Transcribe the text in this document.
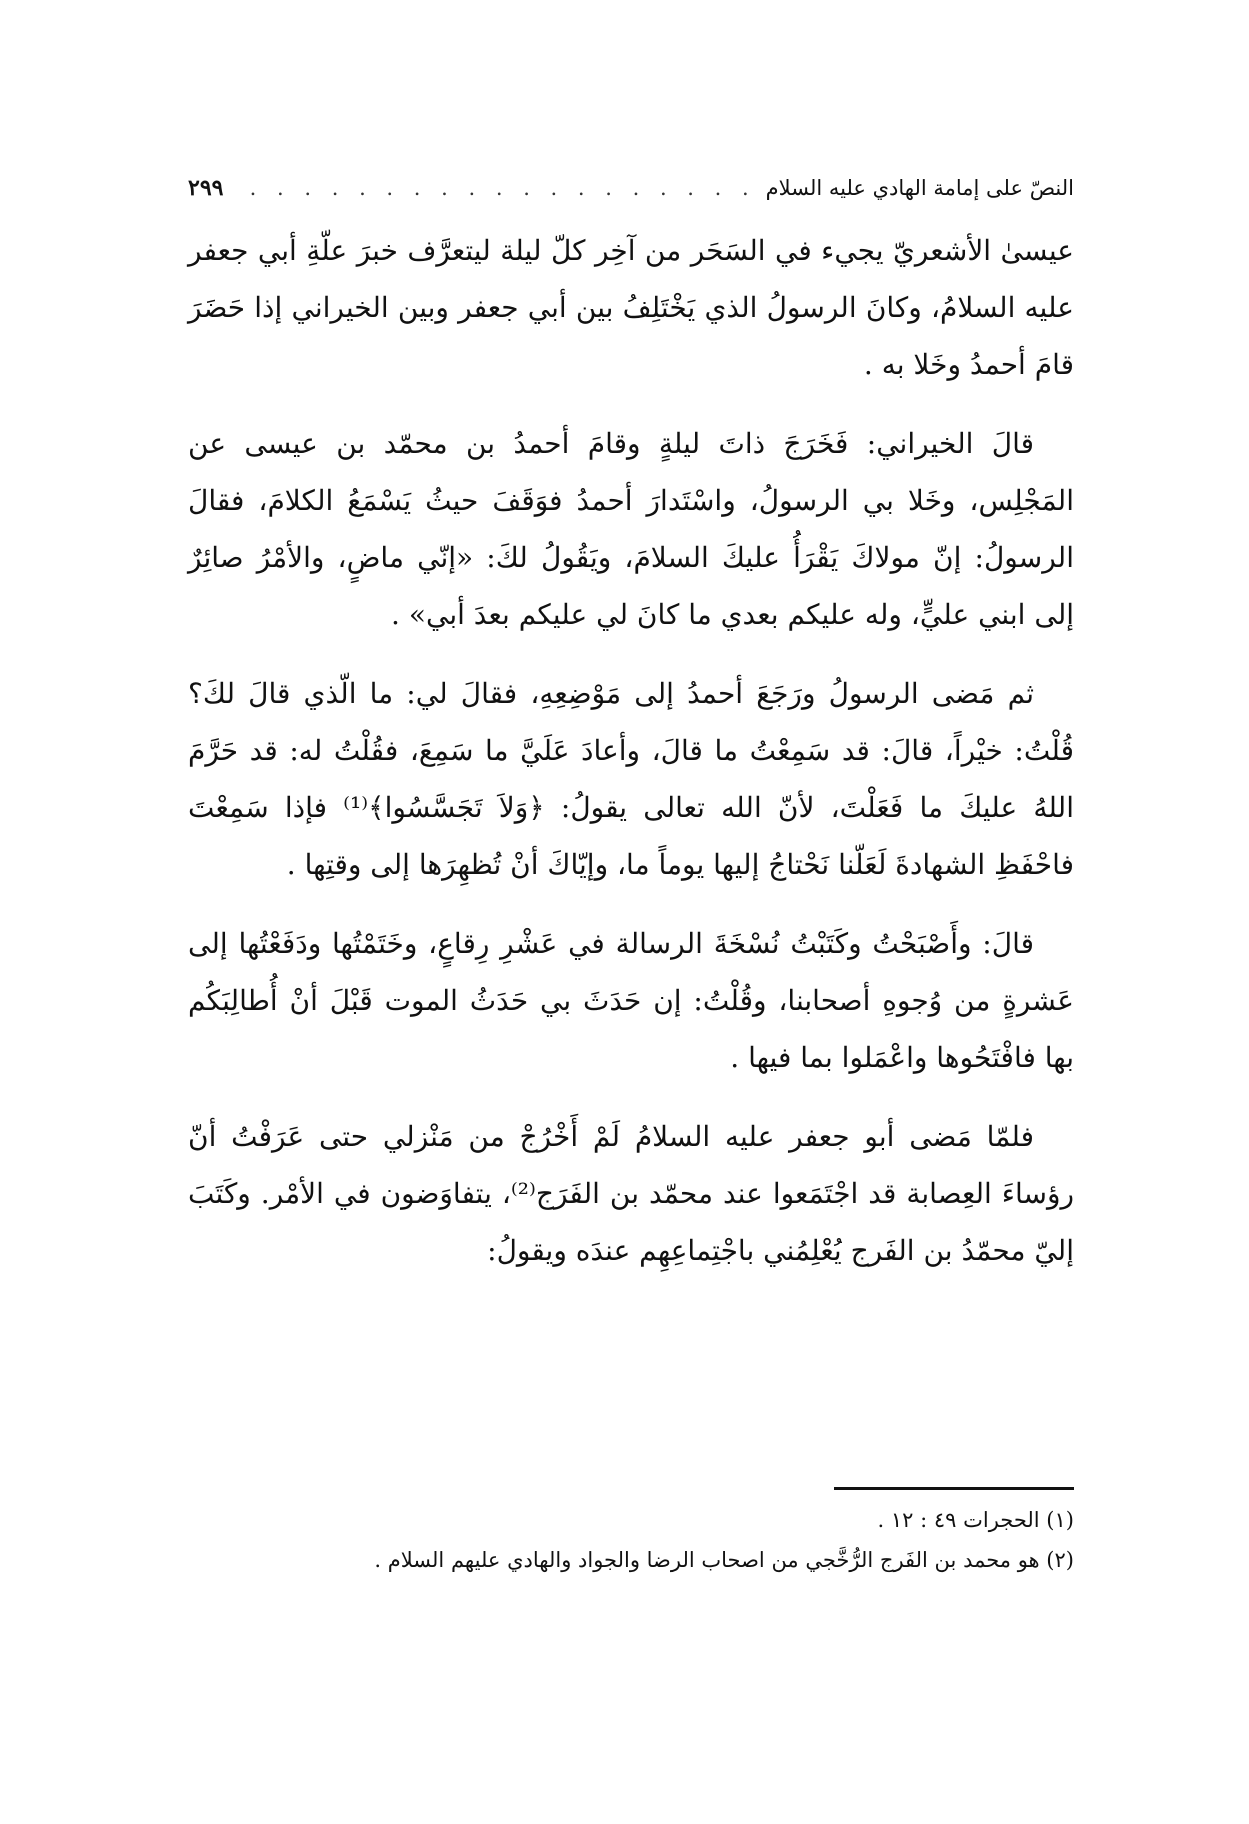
النصّ على إمامة الهادي عليه السلام
. . .
٢٩٩

عيسىٰ الأشعريّ يجيء في السَحَر من آخِر كلّ ليلة ليتعرَّف خبرَ علّةِ أبي جعفر عليه السلامُ، وكانَ الرسولُ الذي يَخْتَلِفُ بين أبي جعفر وبين الخيراني إذا حَضَرَ قامَ أحمدُ وخَلا به .

قالَ الخيراني: فَخَرَجَ ذاتَ ليلةٍ وقامَ أحمدُ بن محمّد بن عيسى عن المَجْلِس، وخَلا بي الرسولُ، واسْتَدارَ أحمدُ فوَقَفَ حيثُ يَسْمَعُ الكلامَ، فقالَ الرسولُ: إنّ مولاكَ يَقْرَأُ عليكَ السلامَ، ويَقُولُ لكَ: «إنّي ماضٍ، والأمْرُ صائِرٌ إلى ابني عليٍّ، وله عليكم بعدي ما كانَ لي عليكم بعدَ أبي» .

ثم مَضى الرسولُ ورَجَعَ أحمدُ إلى مَوْضِعِهِ، فقالَ لي: ما الّذي قالَ لكَ؟ قُلْتُ: خيْراً، قالَ: قد سَمِعْتُ ما قالَ، وأعادَ عَلَيَّ ما سَمِعَ، فقُلْتُ له: قد حَرَّمَ اللهُ عليكَ ما فَعَلْتَ، لأنّ الله تعالى يقولُ: ﴿وَلاَ تَجَسَّسُوا﴾⁽¹⁾ فإذا سَمِعْتَ فاحْفَظِ الشهادةَ لَعَلّنا نَحْتاجُ إليها يوماً ما، وإيّاكَ أنْ تُظهِرَها إلى وقتِها .

قالَ: وأَصْبَحْتُ وكَتَبْتُ نُسْخَةَ الرسالة في عَشْرِ رِقاعٍ، وخَتَمْتُها ودَفَعْتُها إلى عَشرةٍ من وُجوهِ أصحابنا، وقُلْتُ: إن حَدَثَ بي حَدَثُ الموت قَبْلَ أنْ أُطالِبَكُم بها فافْتَحُوها واعْمَلوا بما فيها .

فلمّا مَضى أبو جعفر عليه السلامُ لَمْ أَخْرُجْ من مَنْزلي حتى عَرَفْتُ أنّ رؤساءَ العِصابة قد اجْتَمَعوا عند محمّد بن الفَرَج⁽²⁾، يتفاوَضون في الأمْر. وكَتَبَ إليّ محمّدُ بن الفَرج يُعْلِمُني باجْتِماعِهِم عندَه ويقولُ:

(١) الحجرات ٤٩ : ١٢ .

(٢) هو محمد بن الفَرج الرُّخَّجي من اصحاب الرضا والجواد والهادي عليهم السلام .
